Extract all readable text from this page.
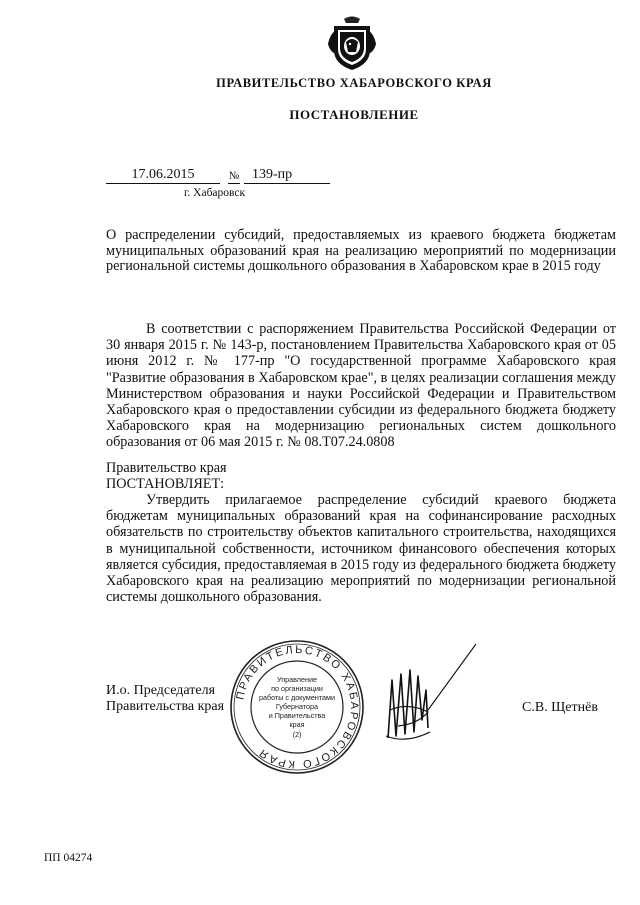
ПРАВИТЕЛЬСТВО ХАБАРОВСКОГО КРАЯ
ПОСТАНОВЛЕНИЕ
17.06.2015	№ 139-пр
г. Хабаровск
О распределении субсидий, предоставляемых из краевого бюджета бюджетам муниципальных образований края на реализацию мероприятий по модернизации региональной системы дошкольного образования в Хабаровском крае в 2015 году
В соответствии с распоряжением Правительства Российской Федерации от 30 января 2015 г. № 143-р, постановлением Правительства Хабаровского края от 05 июня 2012 г. № 177-пр "О государственной программе Хабаровского края "Развитие образования в Хабаровском крае", в целях реализации соглашения между Министерством образования и науки Российской Федерации и Правительством Хабаровского края о предоставлении субсидии из федерального бюджета бюджету Хабаровского края на модернизацию региональных систем дошкольного образования от 06 мая 2015 г. № 08.Т07.24.0808
Правительство края
ПОСТАНОВЛЯЕТ:
Утвердить прилагаемое распределение субсидий краевого бюджета бюджетам муниципальных образований края на софинансирование расходных обязательств по строительству объектов капитального строительства, находящихся в муниципальной собственности, источником финансового обеспечения которых является субсидия, предоставляемая в 2015 году из федерального бюджета бюджету Хабаровского края на реализацию мероприятий по модернизации региональной системы дошкольного образования.
И.о. Председателя
Правительства края	С.В. Щетнёв
ПРАВИТЕЛЬСТВО ХАБАРОВСКОГО КРАЯ
Управление
по организации
работы с документами
Губернатора
и Правительства
края
(2)
ПП 04274
